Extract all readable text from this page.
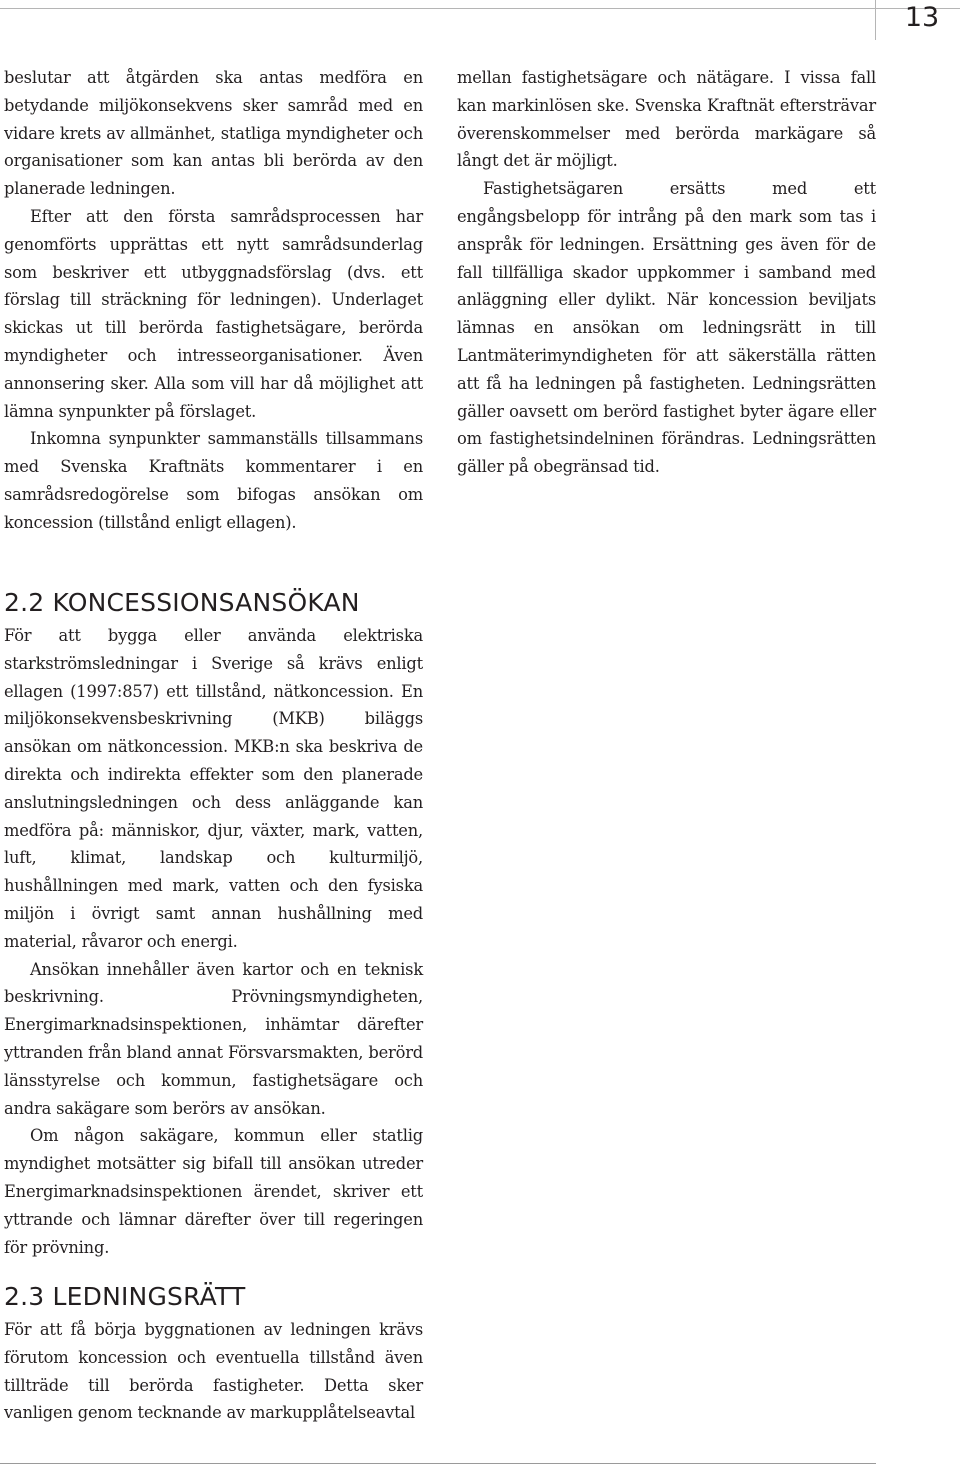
13

beslutar att åtgärden ska antas medföra en betydande miljökonsekvens sker samråd med en vidare krets av allmänhet, statliga myndigheter och organisationer som kan antas bli berörda av den planerade ledningen.

Efter att den första samrådsprocessen har genomförts upprättas ett nytt samrådsunderlag som beskriver ett utbyggnadsförslag (dvs. ett förslag till sträckning för ledningen). Underlaget skickas ut till berörda fastighetsägare, berörda myndigheter och intresseorganisationer. Även annonsering sker. Alla som vill har då möjlighet att lämna synpunkter på förslaget.

Inkomna synpunkter sammanställs tillsammans med Svenska Kraftnäts kommentarer i en samrådsredogörelse som bifogas ansökan om koncession (tillstånd enligt ellagen).

mellan fastighetsägare och nätägare. I vissa fall kan markinlösen ske. Svenska Kraftnät eftersträvar överenskommelser med berörda markägare så långt det är möjligt.

Fastighetsägaren ersätts med ett engångsbelopp för intrång på den mark som tas i anspråk för ledningen. Ersättning ges även för de fall tillfälliga skador uppkommer i samband med anläggning eller dylikt. När koncession beviljats lämnas en ansökan om ledningsrätt in till Lantmäterimyndigheten för att säkerställa rätten att få ha ledningen på fastigheten. Ledningsrätten gäller oavsett om berörd fastighet byter ägare eller om fastighetsindelninen förändras. Ledningsrätten gäller på obegränsad tid.

2.2 KONCESSIONSANSÖKAN

För att bygga eller använda elektriska starkströmsledningar i Sverige så krävs enligt ellagen (1997:857) ett tillstånd, nätkoncession. En miljökonsekvensbeskrivning (MKB) biläggs ansökan om nätkoncession. MKB:n ska beskriva de direkta och indirekta effekter som den planerade anslutningsledningen och dess anläggande kan medföra på: människor, djur, växter, mark, vatten, luft, klimat, landskap och kulturmiljö, hushållningen med mark, vatten och den fysiska miljön i övrigt samt annan hushållning med material, råvaror och energi.

Ansökan innehåller även kartor och en teknisk beskrivning. Prövningsmyndigheten, Energimarknadsinspektionen, inhämtar därefter yttranden från bland annat Försvarsmakten, berörd länsstyrelse och kommun, fastighetsägare och andra sakägare som berörs av ansökan.

Om någon sakägare, kommun eller statlig myndighet motsätter sig bifall till ansökan utreder Energimarknadsinspektionen ärendet, skriver ett yttrande och lämnar därefter över till regeringen för prövning.

2.3 LEDNINGSRÄTT

För att få börja byggnationen av ledningen krävs förutom koncession och eventuella tillstånd även tillträde till berörda fastigheter. Detta sker vanligen genom tecknande av markupplåtelseavtal
